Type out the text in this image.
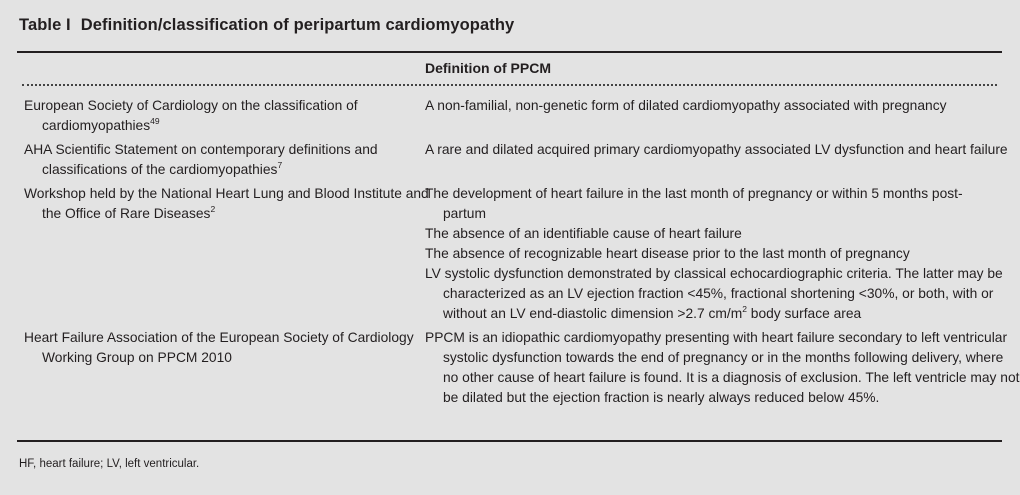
Table I Definition/classification of peripartum cardiomyopathy
Definition of PPCM
European Society of Cardiology on the classification of cardiomyopathies$^{49}$

A non-familial, non-genetic form of dilated cardiomyopathy associated with pregnancy

AHA Scientific Statement on contemporary definitions and classifications of the cardiomyopathies$^7$

A rare and dilated acquired primary cardiomyopathy associated LV dysfunction and heart failure

Workshop held by the National Heart Lung and Blood Institute and the Office of Rare Diseases$^2$

The development of heart failure in the last month of pregnancy or within 5 months post-partum

The absence of an identifiable cause of heart failure

The absence of recognizable heart disease prior to the last month of pregnancy

LV systolic dysfunction demonstrated by classical echocardiographic criteria. The latter may be characterized as an LV ejection fraction <45%, fractional shortening <30%, or both, with or without an LV end-diastolic dimension >2.7 $cm/m^2$ body surface area

Heart Failure Association of the European Society of Cardiology Working Group on PPCM 2010

PPCM is an idiopathic cardiomyopathy presenting with heart failure secondary to left ventricular systolic dysfunction towards the end of pregnancy or in the months following delivery, where no other cause of heart failure is found. It is a diagnosis of exclusion. The left ventricle may not be dilated but the ejection fraction is nearly always reduced below 45%.

HF, heart failure; LV, left ventricular.
